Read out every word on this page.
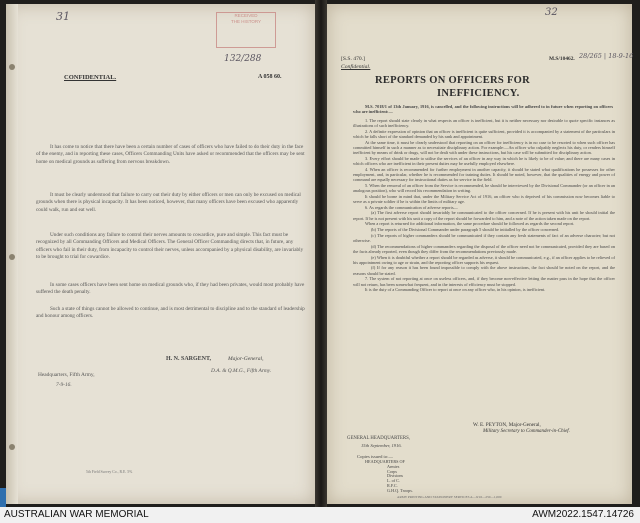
31	RECEIVED
THE HISTORY
132/288
CONFIDENTIAL.	A 058 60.
It has come to notice that there have been a certain number of cases of officers who have failed to do their duty in the face of the enemy, and in reporting these cases, Officers Commanding Units have asked or recommended that the officers may be sent home on medical grounds as suffering from nervous breakdown.
It must be clearly understood that failure to carry out their duty by either officers or men can only be excused on medical grounds when there is physical incapacity. It has been noticed, however, that many officers have been excused who apparently could walk, run and eat well.
Under such conditions any failure to control their nerves amounts to cowardice, pure and simple. This fact must be recognized by all Commanding Officers and Medical Officers. The General Officer Commanding directs that, in future, any officers who fail in their duty, from incapacity to control their nerves, unless accompanied by a physical disability, are invariably to be brought to trial for cowardice.
In some cases officers have been sent home on medical grounds who, if they had been privates, would most probably have suffered the death penalty.
Such a state of things cannot be allowed to continue, and is most detrimental to discipline and to the standard of leadership and honour among officers.
H. N. SARGENT,	Major-General,
D.A. & Q.M.G., Fifth Army.
Headquarters, Fifth Army,
7-9-16.
5th Field Survey Co., R.E. 5%
32
[S.S. 470.]
Confidential.
M.S/10462. 28/265 | 18-9-16
REPORTS ON OFFICERS FOR
INEFFICIENCY.
M.S. 7018/1 of 13th January, 1916, is cancelled, and the following instructions will be adhered to in future when reporting on officers who are inefficient:—
1. The report should state clearly in what respects an officer is inefficient, but it is neither necessary nor desirable to quote specific instances as illustrations of such inefficiency.
2. A definite expression of opinion that an officer is inefficient is quite sufficient, provided it is accompanied by a statement of the particulars in which he falls short of the standard demanded by his rank and appointment.
At the same time, it must be clearly understood that reporting on an officer for inefficiency is in no case to be resorted to when such officer has committed himself in such a manner as to necessitate disciplinary action. For example:—An officer who culpably neglects his duty, or renders himself inefficient by means of drink or drugs, will not be dealt with under these instructions, but his case will be submitted for disciplinary action.
3. Every effort should be made to utilise the services of an officer in any way in which he is likely to be of value; and there are many cases in which officers who are inefficient in their present duties may be usefully employed elsewhere.
4. When an officer is recommended for further employment in another capacity, it should be stated what qualifications he possesses for other employment, and, in particular, whether he is recommended for training duties. It should be noted, however, that the qualities of energy and power of command are equally necessary for instructional duties as for service in the field.
5. When the removal of an officer from the Service is recommended, he should be interviewed by the Divisional Commander (or an officer in an analogous position), who will record his recommendation in writing.
It should be borne in mind that, under the Military Service Act of 1916, an officer who is deprived of his commission now becomes liable to serve as a private soldier if he is within the limits of military age.
6. As regards the communication of adverse reports—
(a) The first adverse report should invariably be communicated to the officer concerned. If he is present with his unit he should initial the report. If he is not present with his unit a copy of the report should be forwarded to him, and a note of the action taken made on the report.
When a report is returned for additional information, the same procedure should be followed as regards the second report.
(b) The reports of the Divisional Commander under paragraph 5 should be initialled by the officer concerned.
(c) The reports of higher commanders should be communicated if they contain any fresh statements of fact of an adverse character; but not otherwise.
(d) The recommendations of higher commanders regarding the disposal of the officer need not be communicated, provided they are based on the facts already reported, even though they differ from the recommendations previously made.
(e) When it is doubtful whether a report should be regarded as adverse, it should be communicated, e.g., if an officer applies to be relieved of his appointment owing to age or strain, and the reporting officer supports his request.
(f) If for any reason it has been found impossible to comply with the above instructions, the fact should be noted on the report, and the reasons should be stated.
7. The system of not reporting at once on useless officers, and, if they become non-effective letting the matter pass in the hope that the officer will not return, has been somewhat frequent, and in the interests of efficiency must be stopped.
It is the duty of a Commanding Officer to report at once on any officer who, in his opinion, is inefficient.
W. E. PEYTON, Major-General,
Military Secretary to Commander-in-Chief.
GENERAL HEADQUARTERS,
15th September, 1916.
Copies issued to:—
HEADQUARTERS OF
Armies
Corps
Divisions
L. of C.
R.F.C.
G.H.Q. Troops.
ARMY PRINTING AND STATIONERY SERVICES A—9/16—250—1,000
AUSTRALIAN WAR MEMORIAL	AWM2022.1547.14726
